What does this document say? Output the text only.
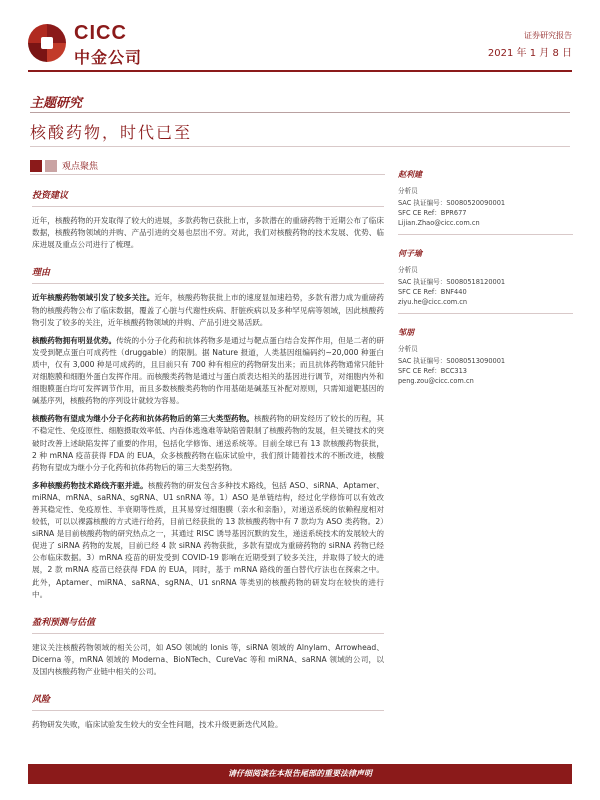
CICC
中金公司
证券研究报告
2021 年 1 月 8 日
主题研究
核酸药物，时代已至
观点聚焦
投资建议

近年，核酸药物的开发取得了较大的进展，多款药物已获批上市，多款潜在的重磅药物于近期公布了临床数据，核酸药物领域的并购、产品引进的交易也层出不穷。对此，我们对核酸药物的技术发展、优势、临床进展及重点公司进行了梳理。

理由

近年核酸药物领域引发了较多关注。近年，核酸药物获批上市的速度显加速趋势，多款有潜力成为重磅药物的核酸药物公布了临床数据，覆盖了心脏与代谢性疾病、肝脏疾病以及多种罕见病等领域，因此核酸药物引发了较多的关注，近年核酸药物领域的并购、产品引进交易活跃。

核酸药物拥有明显优势。传统的小分子化药和抗体药物多是通过与靶点蛋白结合发挥作用，但是二者的研发受到靶点蛋白可成药性（druggable）的限制。据 Nature 报道，人类基因组编码约~20,000 种蛋白质中，仅有 3,000 种是可成药的，且目前只有 700 种有相应的药物研发出来；而且抗体药物通常只能针对细胞膜和细胞外蛋白发挥作用。而核酸类药物是通过与蛋白质表达相关的基因进行调节，对细胞内外和细胞膜蛋白均可发挥调节作用，而且多数核酸类药物的作用基础是碱基互补配对原则，只需知道靶基因的碱基序列，核酸药物的序列设计就较为容易。

核酸药物有望成为继小分子化药和抗体药物后的第三大类型药物。核酸药物的研发经历了较长的历程，其不稳定性、免疫原性、细胞摄取效率低、内吞体逃逸难等缺陷曾限制了核酸药物的发展，但关键技术的突破时改善上述缺陷发挥了重要的作用，包括化学修饰、递送系统等。目前全球已有 13 款核酸药物获批，2 种 mRNA 疫苗获得 FDA 的 EUA，众多核酸药物在临床试验中，我们预计随着技术的不断改进，核酸药物有望成为继小分子化药和抗体药物后的第三大类型药物。

多种核酸药物技术路线齐驱并进。核酸药物的研发包含多种技术路线，包括 ASO、siRNA、Aptamer、miRNA、mRNA、saRNA、sgRNA、U1 snRNA 等。1）ASO 是单链结构，经过化学修饰可以有效改善其稳定性、免疫原性、半衰期等性质，且其易穿过细胞膜（亲水和亲脂），对递送系统的依赖程度相对较低，可以以裸露核酸的方式进行给药，目前已经获批的 13 款核酸药物中有 7 款均为 ASO 类药物。2）siRNA 是目前核酸药物的研究热点之一，其通过 RISC 诱导基因沉默的发生，递送系统技术的发展较大的促进了 siRNA 药物的发展，目前已经 4 款 siRNA 药物获批，多款有望成为重磅药物的 siRNA 药物已经公布临床数据。3）mRNA 疫苗的研发受到 COVID-19 影响在近期受到了较多关注，并取得了较大的进展，2 款 mRNA 疫苗已经获得 FDA 的 EUA，同时，基于 mRNA 路线的蛋白替代疗法也在探索之中。此外，Aptamer、miRNA、saRNA、sgRNA、U1 snRNA 等类别的核酸药物的研发均在较快的进行中。

盈利预测与估值

建议关注核酸药物领域的相关公司，如 ASO 领域的 Ionis 等，siRNA 领域的 Alnylam、Arrowhead、Dicerna 等，mRNA 领域的 Moderna、BioNTech、CureVac 等和 miRNA、saRNA 领域的公司，以及国内核酸药物产业链中相关的公司。

风险

药物研发失败，临床试验发生较大的安全性问题，技术升级更新迭代风险。

赵利建
分析员
SAC 执证编号：S0080520090001
SFC CE Ref：BPR677
Lijian.Zhao@cicc.com.cn
何子瑜
分析员
SAC 执证编号：S0080518120001
SFC CE Ref：BNF440
ziyu.he@cicc.com.cn
邹朋
分析员
SAC 执证编号：S0080513090001
SFC CE Ref：BCC313
peng.zou@cicc.com.cn
请仔细阅读在本报告尾部的重要法律声明
